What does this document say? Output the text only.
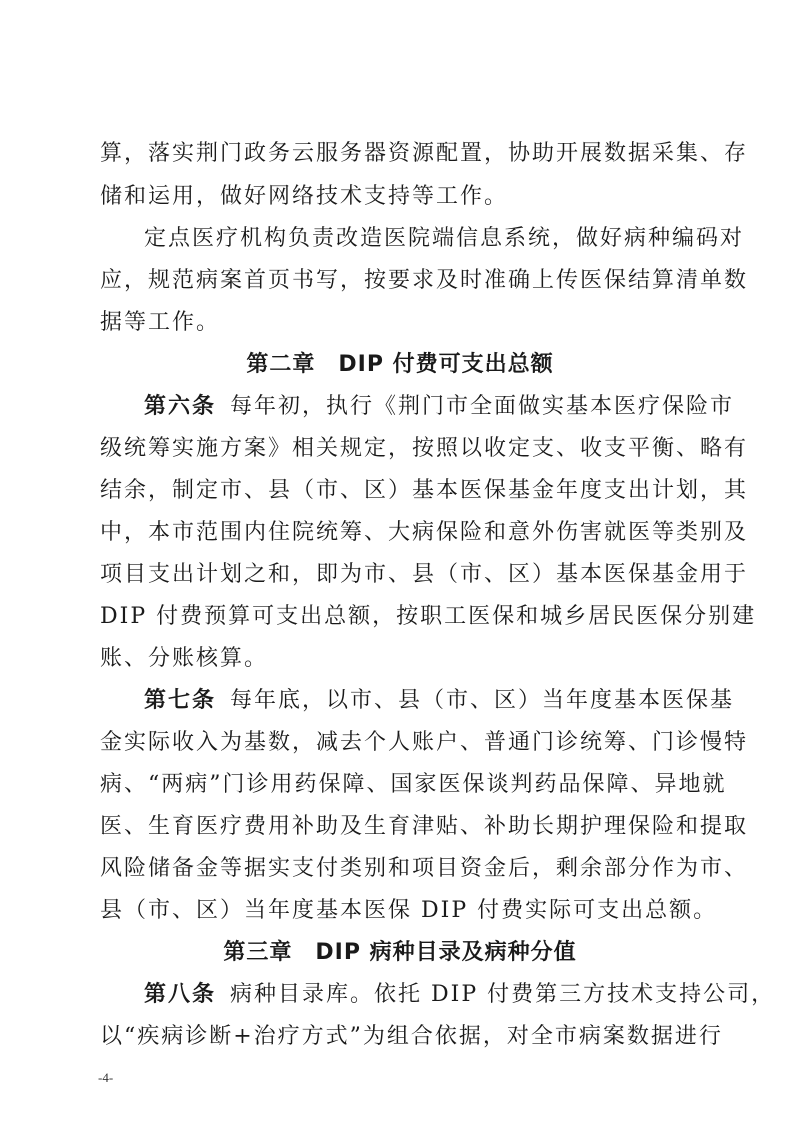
算，落实荆门政务云服务器资源配置，协助开展数据采集、存
储和运用，做好网络技术支持等工作。
定点医疗机构负责改造医院端信息系统，做好病种编码对
应，规范病案首页书写，按要求及时准确上传医保结算清单数
据等工作。
第二章　DIP 付费可支出总额
第六条 每年初，执行《荆门市全面做实基本医疗保险市
级统筹实施方案》相关规定，按照以收定支、收支平衡、略有
结余，制定市、县（市、区）基本医保基金年度支出计划，其
中，本市范围内住院统筹、大病保险和意外伤害就医等类别及
项目支出计划之和，即为市、县（市、区）基本医保基金用于
DIP 付费预算可支出总额，按职工医保和城乡居民医保分别建
账、分账核算。
第七条 每年底，以市、县（市、区）当年度基本医保基
金实际收入为基数，减去个人账户、普通门诊统筹、门诊慢特
病、“两病”门诊用药保障、国家医保谈判药品保障、异地就
医、生育医疗费用补助及生育津贴、补助长期护理保险和提取
风险储备金等据实支付类别和项目资金后，剩余部分作为市、
县（市、区）当年度基本医保 DIP 付费实际可支出总额。
第三章　DIP 病种目录及病种分值
第八条 病种目录库。依托 DIP 付费第三方技术支持公司，
以“疾病诊断+治疗方式”为组合依据，对全市病案数据进行
-4-
